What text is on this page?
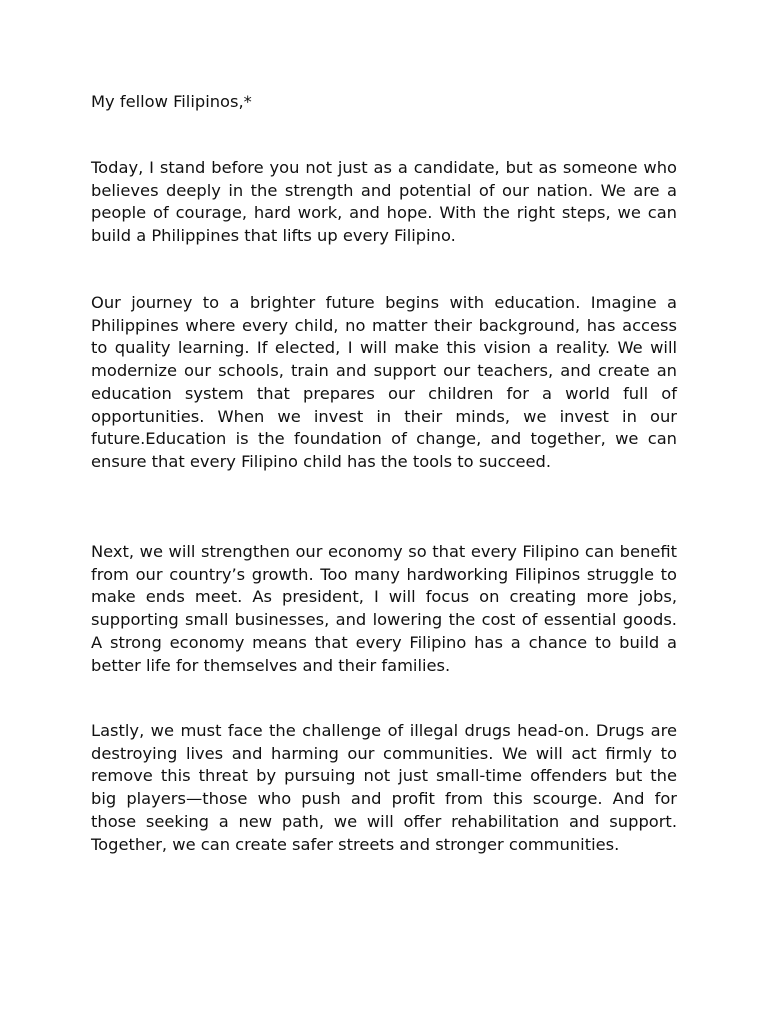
My fellow Filipinos,*

Today, I stand before you not just as a candidate, but as someone who believes deeply in the strength and potential of our nation. We are a people of courage, hard work, and hope. With the right steps, we can build a Philippines that lifts up every Filipino.

Our journey to a brighter future begins with education. Imagine a Philippines where every child, no matter their background, has access to quality learning. If elected, I will make this vision a reality. We will modernize our schools, train and support our teachers, and create an education system that prepares our children for a world full of opportunities. When we invest in their minds, we invest in our future.Education is the foundation of change, and together, we can ensure that every Filipino child has the tools to succeed.

Next, we will strengthen our economy so that every Filipino can benefit from our country’s growth. Too many hardworking Filipinos struggle to make ends meet. As president, I will focus on creating more jobs, supporting small businesses, and lowering the cost of essential goods. A strong economy means that every Filipino has a chance to build a better life for themselves and their families.

Lastly, we must face the challenge of illegal drugs head-on. Drugs are destroying lives and harming our communities. We will act firmly to remove this threat by pursuing not just small-time offenders but the big players—those who push and profit from this scourge. And for those seeking a new path, we will offer rehabilitation and support. Together, we can create safer streets and stronger communities.
